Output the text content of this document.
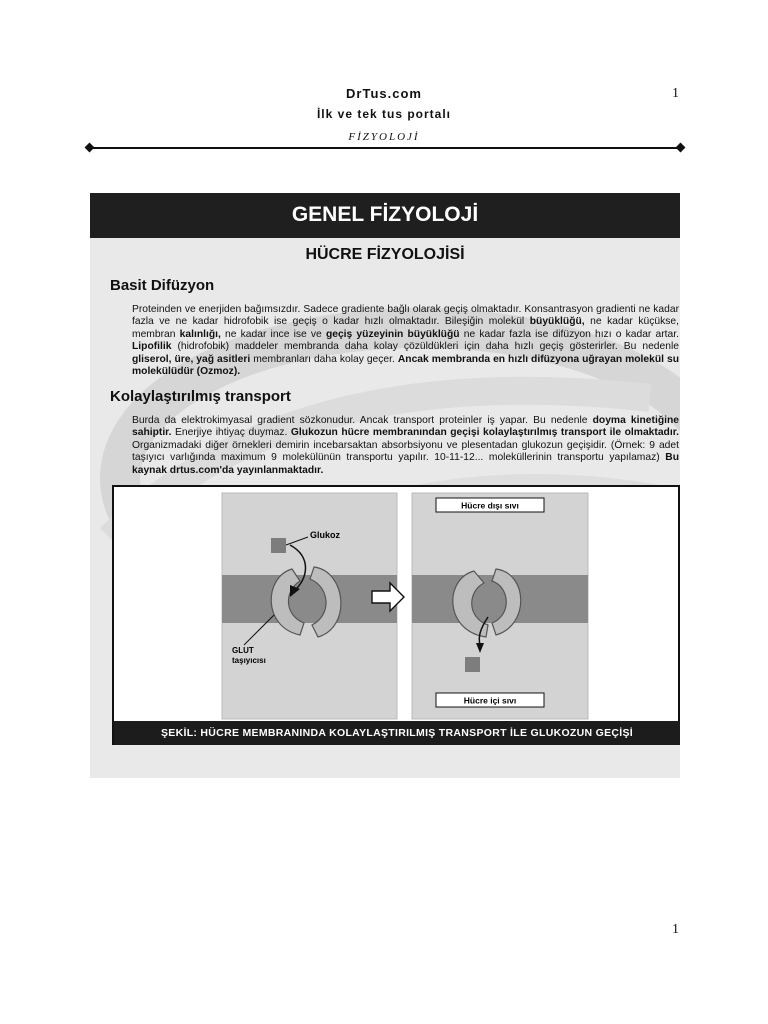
DrTus.com
İlk ve tek tus portalı
FİZYOLOJİ
1
GENEL FİZYOLOJİ
HÜCRE FİZYOLOJİSİ
Basit Difüzyon
Proteinden ve enerjiden bağımsızdır. Sadece gradiente bağlı olarak geçiş olmaktadır. Konsantrasyon gradienti ne kadar fazla ve ne kadar hidrofobik ise geçiş o kadar hızlı olmaktadır. Bileşiğin molekül büyüklüğü, ne kadar küçükse, membran kalınlığı, ne kadar ince ise ve geçiş yüzeyinin büyüklüğü ne kadar fazla ise difüzyon hızı o kadar artar. Lipofilik (hidrofobik) maddeler membranda daha kolay çözüldükleri için daha hızlı geçiş gösterirler. Bu nedenle gliserol, üre, yağ asitleri membranları daha kolay geçer. Ancak membranda en hızlı difüzyona uğrayan molekül su molekülüdür (Ozmoz).
Kolaylaştırılmış transport
Burda da elektrokimyasal gradient sözkonudur. Ancak transport proteinler iş yapar. Bu nedenle doyma kinetiğine sahiptir. Enerjiye ihtiyaç duymaz. Glukozun hücre membranından geçişi kolaylaştırılmış transport ile olmaktadır. Organizmadaki diğer örnekleri demirin incebarsaktan absorbsiyonu ve plesentadan glukozun geçişidir. (Örnek: 9 adet taşıyıcı varlığında maximum 9 molekülünün transportu yapılır. 10-11-12... moleküllerinin transportu yapılamaz) Bu kaynak drtus.com'da yayınlanmaktadır.
Glukoz
GLUT
taşıyıcısı
Hücre dışı sıvı
Hücre içi sıvı
ŞEKİL: HÜCRE MEMBRANINDA KOLAYLAŞTIRILMIŞ TRANSPORT İLE GLUKOZUN GEÇİŞİ
1
